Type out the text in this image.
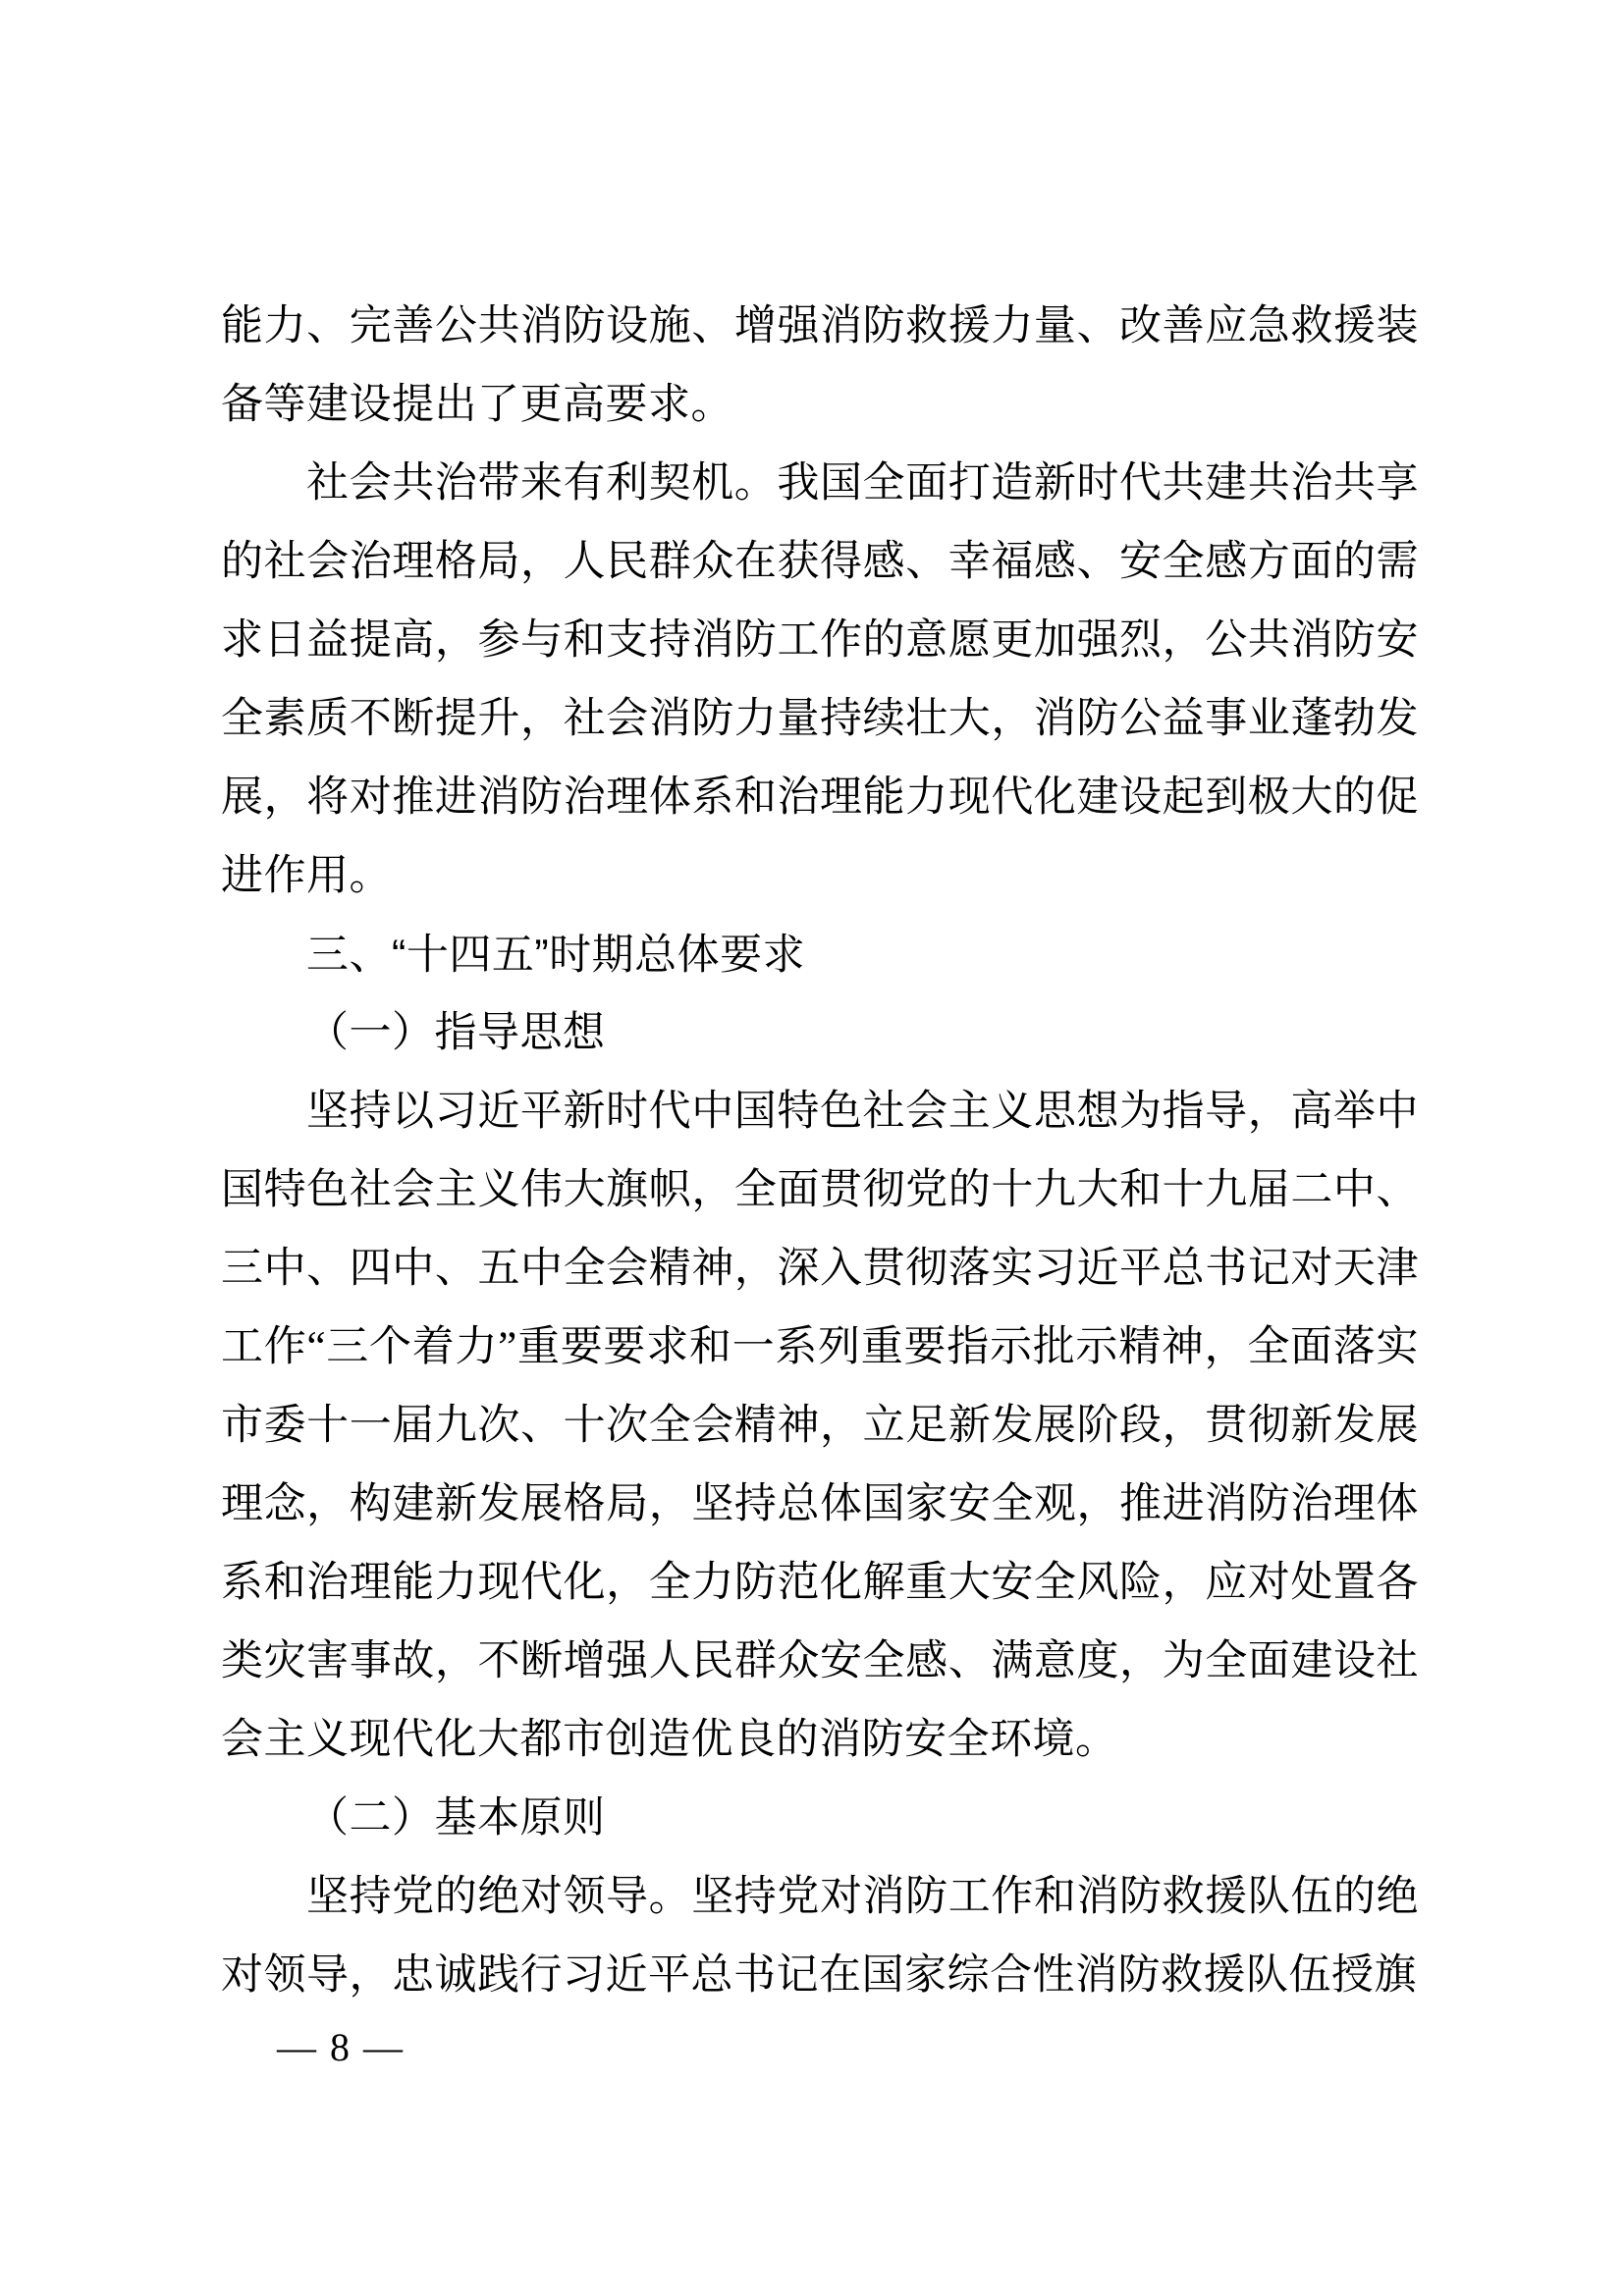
能力、完善公共消防设施、增强消防救援力量、改善应急救援装备等建设提出了更高要求。

社会共治带来有利契机。我国全面打造新时代共建共治共享的社会治理格局，人民群众在获得感、幸福感、安全感方面的需求日益提高，参与和支持消防工作的意愿更加强烈，公共消防安全素质不断提升，社会消防力量持续壮大，消防公益事业蓬勃发展，将对推进消防治理体系和治理能力现代化建设起到极大的促进作用。

三、“十四五”时期总体要求
（一）指导思想

坚持以习近平新时代中国特色社会主义思想为指导，高举中国特色社会主义伟大旗帜，全面贯彻党的十九大和十九届二中、三中、四中、五中全会精神，深入贯彻落实习近平总书记对天津工作“三个着力”重要要求和一系列重要指示批示精神，全面落实市委十一届九次、十次全会精神，立足新发展阶段，贯彻新发展理念，构建新发展格局，坚持总体国家安全观，推进消防治理体系和治理能力现代化，全力防范化解重大安全风险，应对处置各类灾害事故，不断增强人民群众安全感、满意度，为全面建设社会主义现代化大都市创造优良的消防安全环境。

（二）基本原则

坚持党的绝对领导。坚持党对消防工作和消防救援队伍的绝对领导，忠诚践行习近平总书记在国家综合性消防救援队伍授旗

— 8 —
